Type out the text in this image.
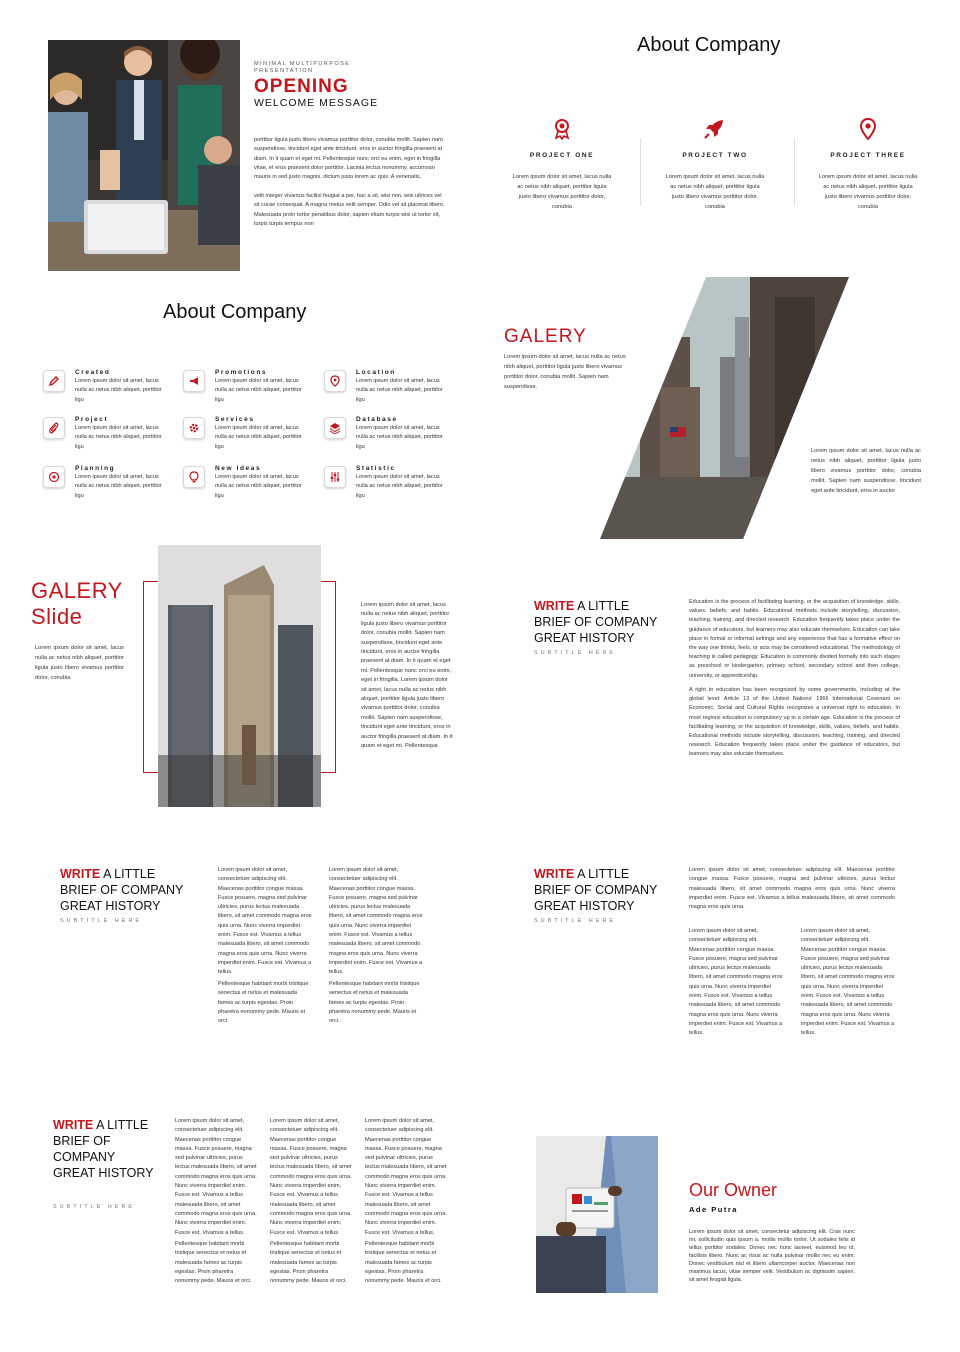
MINIMAL MULTIPURPOSE PRESENTATION
OPENING
WELCOME MESSAGE
porttitor ligula justo libero vivamus porttitor dolor, conubia mollit. Sapien nam suspendisse, tincidunt eget ante tincidunt, eros in auctor fringilla praesent at diam. In it quam et eget mi. Pellentesque nunc orci eu enim, eget in fringilla vitae, et eros praesent dolor porttitor. Lacinia lectus nonummy, accumsan mauris in sed justo magnis, dictum justo lorem ac quis. A venenatis,
velit integer vivamus facilisi feugiat a per, hac a sit, wisi non, wisi ultrices vel sit curae consequat. A magna metus velit semper. Odio vel sit placerat libero. Malesuada proin tortor penatibus dolor, sapien etiam turpis wisi ut tortor sit, turpis turpis tempus non
About Company
PROJECT ONE
Lorem ipsum dolor sit amet, lacus nulla ac netus nibh aliquet, porttitor ligula justo libero vivamus porttitor dolor, conubia
PROJECT TWO
Lorem ipsum dolor sit amet, lacus nulla ac netus nibh aliquet, porttitor ligula justo libero vivamus porttitor dolor, conubia
PROJECT THREE
Lorem ipsum dolor sit amet, lacus nulla ac netus nibh aliquet, porttitor ligula justo libero vivamus porttitor dolor, conubia
About Company
Created
Lorem ipsum dolor sit amet, lacus nulla ac netus nibh aliquet, porttitor ligu
Promotions
Lorem ipsum dolor sit amet, lacus nulla ac netus nibh aliquet, porttitor ligu
Location
Lorem ipsum dolor sit amet, lacus nulla ac netus nibh aliquet, porttitor ligu
Project
Lorem ipsum dolor sit amet, lacus nulla ac netus nibh aliquet, porttitor ligu
Services
Lorem ipsum dolor sit amet, lacus nulla ac netus nibh aliquet, porttitor ligu
Database
Lorem ipsum dolor sit amet, lacus nulla ac netus nibh aliquet, porttitor ligu
Planning
Lorem ipsum dolor sit amet, lacus nulla ac netus nibh aliquet, porttitor ligu
New Ideas
Lorem ipsum dolor sit amet, lacus nulla ac netus nibh aliquet, porttitor ligu
Statistic
Lorem ipsum dolor sit amet, lacus nulla ac netus nibh aliquet, porttitor ligu
GALERY
Lorem ipsum dolor sit amet, lacus nulla ac netus nibh aliquet, porttitor ligula justo libero vivamus porttitor dolor, conubia mollit. Sapien nam suspendisse.
Lorem ipsum dolor sit amet, lacus nulla ac netus nibh aliquet, porttitor ligula justo libero vivamus porttitor dolor, conubia mollit. Sapien nam suspendisse, tincidunt eget ante tincidunt, eros in auctor
GALERY
Slide
Lorem ipsum dolor sit amet, lacus nulla ac netus nibh aliquet, porttitor ligula justo libero vivamus porttitor dolor, conubia
Lorem ipsum dolor sit amet, lacus nulla ac netus nibh aliquet, porttitor ligula justo libero vivamus porttitor dolor, conubia mollit. Sapien nam suspendisse, tincidunt eget ante tincidunt, eros in auctor fringilla praesent at diam. In it quam et eget mi. Pellentesque nunc orci eu enim, eget in fringilla, Lorem ipsum dolor sit amet, lacus nulla ac netus nibh aliquet, porttitor ligula justo libero vivamus porttitor dolor, conubia mollit. Sapien nam suspendisse, tincidunt eget ante tincidunt, eros in auctor fringilla praesent at diam. In it quam et eget mi. Pellentesque
WRITE A LITTLE
BRIEF OF COMPANY
GREAT HISTORY
SUBTITLE HERE
Education is the process of facilitating learning, or the acquisition of knowledge, skills, values, beliefs, and habits. Educational methods include storytelling, discussion, teaching, training, and directed research. Education frequently takes place under the guidance of educators, but learners may also educate themselves. Education can take place in formal or informal settings and any experience that has a formative effect on the way one thinks, feels, or acts may be considered educational. The methodology of teaching is called pedagogy. Education is commonly divided formally into such stages as preschool or kindergarten, primary school, secondary school and then college, university, or apprenticeship.
A right to education has been recognized by some governments, including at the global level: Article 13 of the United Nations' 1966 International Covenant on Economic, Social and Cultural Rights recognizes a universal right to education. In most regions education is compulsory up to a certain age. Education is the process of facilitating learning, or the acquisition of knowledge, skills, values, beliefs, and habits. Educational methods include storytelling, discussion, teaching, training, and directed research. Education frequently takes place under the guidance of educators, but learners may also educate themselves.
WRITE A LITTLE
BRIEF OF COMPANY
GREAT HISTORY
SUBTITLE HERE
Lorem ipsum dolor sit amet, consectetuer adipiscing elit. Maecenas porttitor congue massa. Fusce posuere, magna sed pulvinar ultricies, purus lectus malesuada libero, sit amet commodo magna eros quis urna. Nunc viverra imperdiet enim. Fusce est. Vivamus a tellus malesuada libero, sit amet commodo magna eros quis urna. Nunc viverra imperdiet enim. Fusce est. Vivamus a tellus.
Lorem ipsum dolor sit amet, consectetuer adipiscing elit. Maecenas porttitor congue massa. Fusce posuere, magna sed pulvinar ultricies, purus lectus malesuada libero, sit amet commodo magna eros quis urna. Nunc viverra imperdiet enim. Fusce est. Vivamus a tellus malesuada libero, sit amet commodo magna eros quis urna. Nunc viverra imperdiet enim. Fusce est. Vivamus a tellus.
Pellentesque habitant morbi tristique senectus et netus et malesuada fames ac turpis egestas. Proin pharetra nonummy pede. Mauris et orci.
Pellentesque habitant morbi tristique senectus et netus et malesuada fames ac turpis egestas. Proin pharetra nonummy pede. Mauris et orci.
WRITE A LITTLE
BRIEF OF COMPANY
GREAT HISTORY
SUBTITLE HERE
Lorem ipsum dolor sit amet, consectetuer adipiscing elit. Maecenas porttitor congue massa. Fusce posuere, magna sed pulvinar ultricies, purus lectus malesuada libero, sit amet commodo magna eros quis urna. Nunc viverra imperdiet enim. Fusce est. Vivamus a tellus malesuada libero, sit amet commodo magna eros quis urna.
Lorem ipsum dolor sit amet, consectetuer adipiscing elit. Maecenas porttitor congue massa. Fusce posuere, magna sed pulvinar ultricies, purus lectus malesuada libero, sit amet commodo magna eros quis urna. Nunc viverra imperdiet enim. Fusce est. Vivamus a tellus malesuada libero, sit amet commodo magna eros quis urna. Nunc viverra imperdiet enim. Fusce est. Vivamus a tellus.
Lorem ipsum dolor sit amet, consectetuer adipiscing elit. Maecenas porttitor congue massa. Fusce posuere, magna sed pulvinar ultricies, purus lectus malesuada libero, sit amet commodo magna eros quis urna. Nunc viverra imperdiet enim. Fusce est. Vivamus a tellus malesuada libero, sit amet commodo magna eros quis urna. Nunc viverra imperdiet enim. Fusce est. Vivamus a tellus.
WRITE A LITTLE
BRIEF OF
COMPANY
GREAT HISTORY
SUBTITLE HERE
Lorem ipsum dolor sit amet, consectetuer adipiscing elit. Maecenas porttitor congue massa. Fusce posuere, magna sed pulvinar ultricies, purus lectus malesuada libero, sit amet commodo magna eros quis urna. Nunc viverra imperdiet enim. Fusce est. Vivamus a tellus malesuada libero, sit amet commodo magna eros quis urna. Nunc viverra imperdiet enim. Fusce est. Vivamus a tellus.
Lorem ipsum dolor sit amet, consectetuer adipiscing elit. Maecenas porttitor congue massa. Fusce posuere, magna sed pulvinar ultricies, purus lectus malesuada libero, sit amet commodo magna eros quis urna. Nunc viverra imperdiet enim. Fusce est. Vivamus a tellus malesuada libero, sit amet commodo magna eros quis urna. Nunc viverra imperdiet enim. Fusce est. Vivamus a tellus.
Lorem ipsum dolor sit amet, consectetuer adipiscing elit. Maecenas porttitor congue massa. Fusce posuere, magna sed pulvinar ultricies, purus lectus malesuada libero, sit amet commodo magna eros quis urna. Nunc viverra imperdiet enim. Fusce est. Vivamus a tellus malesuada libero, sit amet commodo magna eros quis urna. Nunc viverra imperdiet enim. Fusce est. Vivamus a tellus.
Pellentesque habitant morbi tristique senectus et netus et malesuada fames ac turpis egestas. Proin pharetra nonummy pede. Mauris et orci.
Pellentesque habitant morbi tristique senectus et netus et malesuada fames ac turpis egestas. Proin pharetra nonummy pede. Mauris et orci.
Pellentesque habitant morbi tristique senectus et netus et malesuada fames ac turpis egestas. Proin pharetra nonummy pede. Mauris et orci.
Our Owner
Ade Putra
Lorem ipsum dolor sit amet, consectetur adipiscing elit. Cras nunc mi, sollicitudin quis ipsum a, mollis mollis tortor. Ut sodales felis id tellus porttitor sodales. Donec nec nunc laoreet, euismod leo id, facilisis libero. Nunc ac risus ac nulla pulvinar mollis nec eu enim. Donec vestibulum nisl et libero ullamcorper auctor. Maecenas non maximus lacus, vitae semper velit. Vestibulum ac dignissim sapien, sit amet feugiat ligula.
